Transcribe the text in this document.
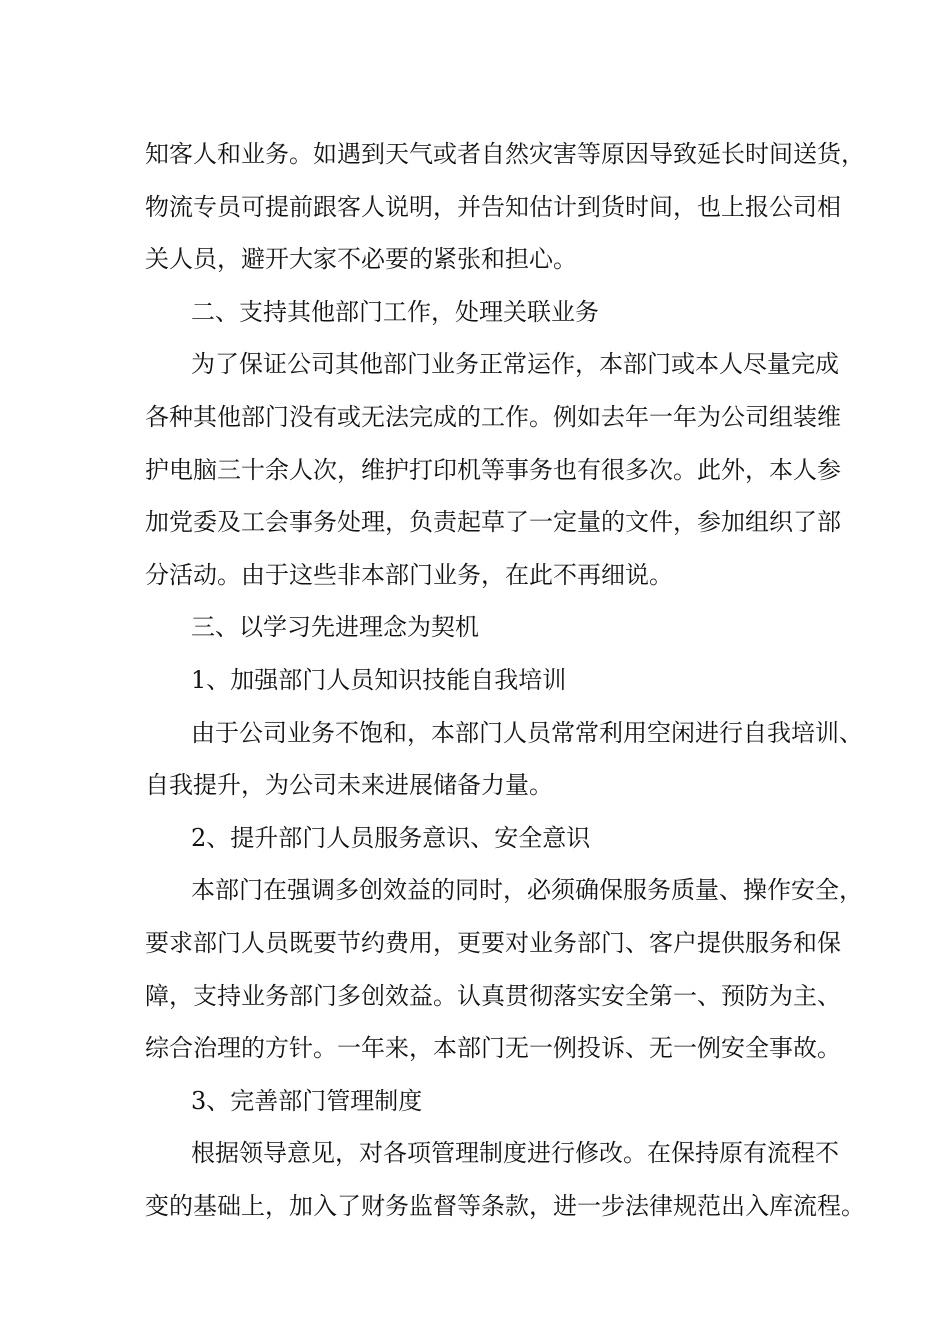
知客人和业务。如遇到天气或者自然灾害等原因导致延长时间送货，
物流专员可提前跟客人说明，并告知估计到货时间，也上报公司相
关人员，避开大家不必要的紧张和担心。
二、支持其他部门工作，处理关联业务
为了保证公司其他部门业务正常运作，本部门或本人尽量完成
各种其他部门没有或无法完成的工作。例如去年一年为公司组装维
护电脑三十余人次，维护打印机等事务也有很多次。此外，本人参
加党委及工会事务处理，负责起草了一定量的文件，参加组织了部
分活动。由于这些非本部门业务，在此不再细说。
三、以学习先进理念为契机
1、加强部门人员知识技能自我培训
由于公司业务不饱和，本部门人员常常利用空闲进行自我培训、
自我提升，为公司未来进展储备力量。
2、提升部门人员服务意识、安全意识
本部门在强调多创效益的同时，必须确保服务质量、操作安全，
要求部门人员既要节约费用，更要对业务部门、客户提供服务和保
障，支持业务部门多创效益。认真贯彻落实安全第一、预防为主、
综合治理的方针。一年来，本部门无一例投诉、无一例安全事故。
3、完善部门管理制度
根据领导意见，对各项管理制度进行修改。在保持原有流程不
变的基础上，加入了财务监督等条款，进一步法律规范出入库流程。
